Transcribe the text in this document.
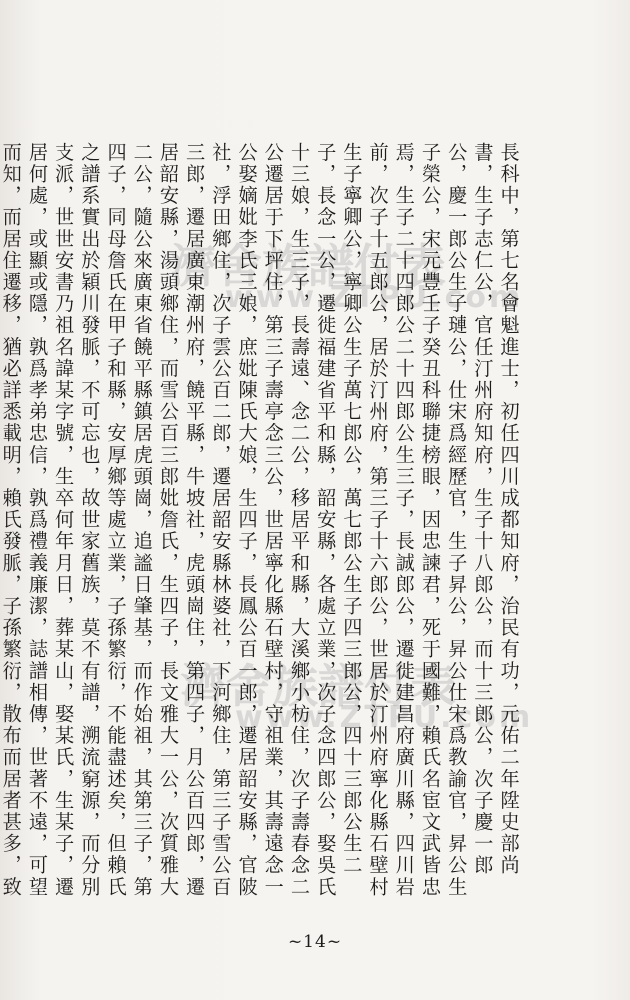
濟舍族譜付表
www.ZTPU.com
濟舍族譜付表
www.ZTPU.com

長科中，第七名會魁進士，初任四川成都知府，治民有功，元佑二年陞史部尚書，生子志仁公，官任汀州府知府，生子十八郎公，而十三郎公，次子慶一郎公，慶一郎公生子璉公，仕宋爲經歷官，生子昇公，昇公仕宋爲教諭官，昇公生子榮公，宋元豐壬子癸丑科聯捷榜眼，因忠諫君，死于國難，賴氏名宦文武皆忠焉，生子二十四郎公二十四郎公生三子，長誠郎公，遷徙建昌府廣川縣，四川岩前，次子十五郎公，居於汀州府，第三子十六郎公，世居於汀州府寧化縣石壁村生子寧卿公，寧卿公生子萬七郎公，萬七郎公生子四三郎公，四十三郎公生二子，長念一公，遷徙福建省平和縣，韶安縣，各處立業，次子念四郎公，娶吳氏十三娘，生三子，長壽遠、念二公，移居平和縣，大溪鄉小枋住，次子壽春念二公遷居于下坪住，第三子壽亭念三公，世居寧化縣石壁村，守祖業，其壽遠念一公娶嫡妣李氏三娘，庶妣陳氏大娘，生四子，長鳳公百一郎，遷居韶安縣，官陂社，浮田鄉住，次子雲公百二郎，遷居韶安縣林婆社，下河鄉住，第三子雪公百三郎，遷居廣東潮州府，饒平縣，牛坡社，虎頭崗住，第四子，月公百四郎，遷居韶安縣，湯頭鄉住，而雪公百三郎妣詹氏，生四子，長文雅大一公，次質雅大二公，隨公來廣東省饒平縣鎮居虎頭崗，追謐日肇基，而作始祖，其第三子，第四子，同母詹氏在甲子和縣，安厚鄉等處立業，子孫繁衍，不能盡述矣，但賴氏之譜系實出於穎川發脈，不可忘也，故世家舊族，莫不有譜，溯流窮源，而分別支派，世世安書乃祖名諱某字號，生卒何年月日，葬某山，娶某氏，生某子，遷居何處，或顯或隱，孰爲孝弟忠信，孰爲禮義廉潔，誌譜相傳，世著不遠，可望而知，而居住遷移，猶必詳悉載明，賴氏發脈，子孫繁衍，散布而居者甚多，致

~14~
